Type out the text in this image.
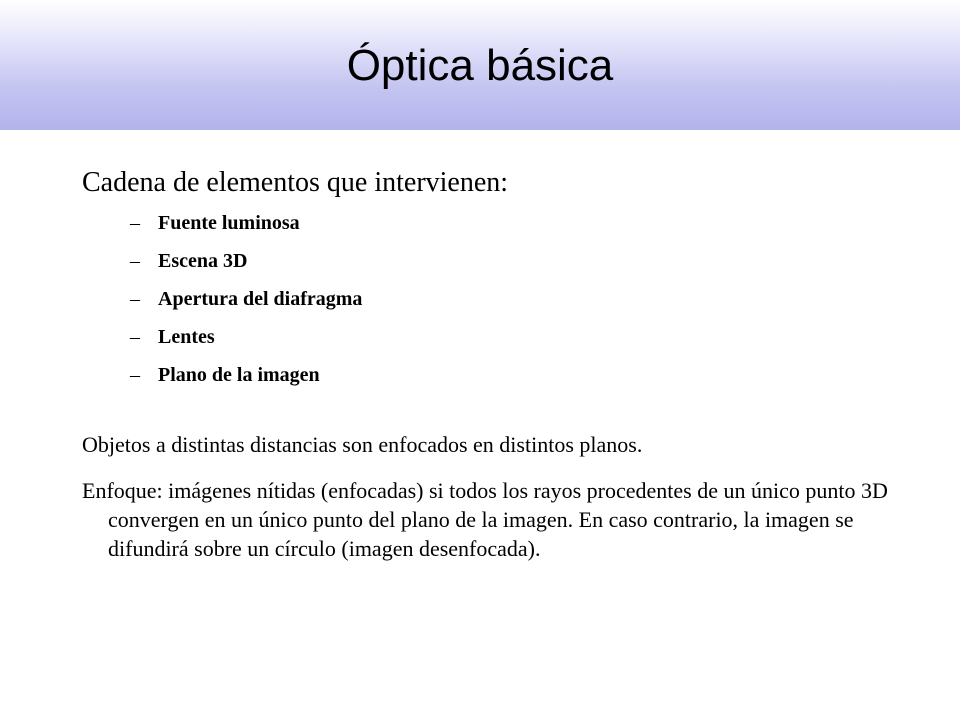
Óptica básica

Cadena de elementos que intervienen:

– Fuente luminosa
– Escena 3D
– Apertura del diafragma
– Lentes
– Plano de la imagen

Objetos a distintas distancias son enfocados en distintos planos.

Enfoque: imágenes nítidas (enfocadas) si todos los rayos procedentes de un único punto 3D convergen en un único punto del plano de la imagen. En caso contrario, la imagen se difundirá sobre un círculo (imagen desenfocada).
